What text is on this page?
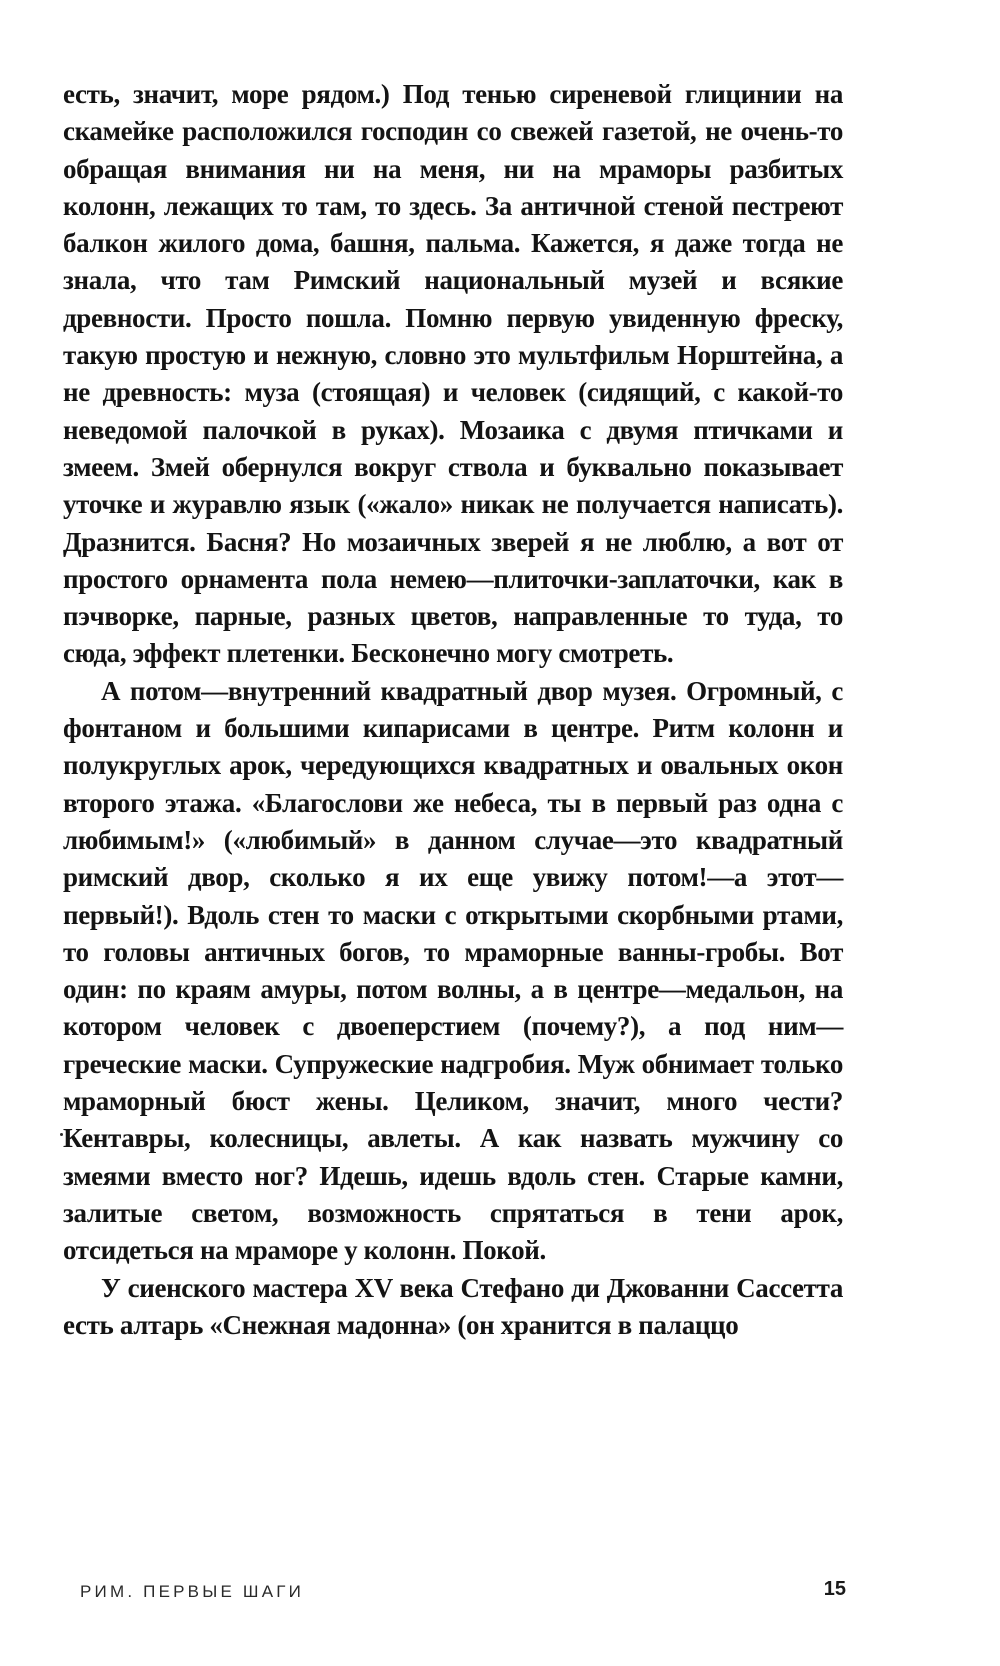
есть, значит, море рядом.) Под тенью сиреневой глицинии на скамейке расположился господин со свежей газетой, не очень-то обращая внимания ни на меня, ни на мраморы разбитых колонн, лежащих то там, то здесь. За античной стеной пестреют балкон жилого дома, башня, пальма. Кажется, я даже тогда не знала, что там Римский национальный музей и всякие древности. Просто пошла. Помню первую увиденную фреску, такую простую и нежную, словно это мультфильм Норштейна, а не древность: муза (стоящая) и человек (сидящий, с какой-то неведомой палочкой в руках). Мозаика с двумя птичками и змеем. Змей обернулся вокруг ствола и буквально показывает уточке и журавлю язык («жало» никак не получается написать). Дразнится. Басня? Но мозаичных зверей я не люблю, а вот от простого орнамента пола немею—плиточки-заплаточки, как в пэчворке, парные, разных цветов, направленные то туда, то сюда, эффект плетенки. Бесконечно могу смотреть.

А потом—внутренний квадратный двор музея. Огромный, с фонтаном и большими кипарисами в центре. Ритм колонн и полукруглых арок, чередующихся квадратных и овальных окон второго этажа. «Благослови же небеса, ты в первый раз одна с любимым!» («любимый» в данном случае—это квадратный римский двор, сколько я их еще увижу потом!—а этот—первый!). Вдоль стен то маски с открытыми скорбными ртами, то головы античных богов, то мраморные ванны-гробы. Вот один: по краям амуры, потом волны, а в центре—медальон, на котором человек с двоеперстием (почему?), а под ним—греческие маски. Супружеские надгробия. Муж обнимает только мраморный бюст жены. Целиком, значит, много чести? Кентавры, колесницы, авлеты. А как назвать мужчину со змеями вместо ног? Идешь, идешь вдоль стен. Старые камни, залитые светом, возможность спрятаться в тени арок, отсидеться на мраморе у колонн. Покой.

У сиенского мастера XV века Стефано ди Джованни Сассетта есть алтарь «Снежная мадонна» (он хранится в палаццо

РИМ. ПЕРВЫЕ ШАГИ	15
